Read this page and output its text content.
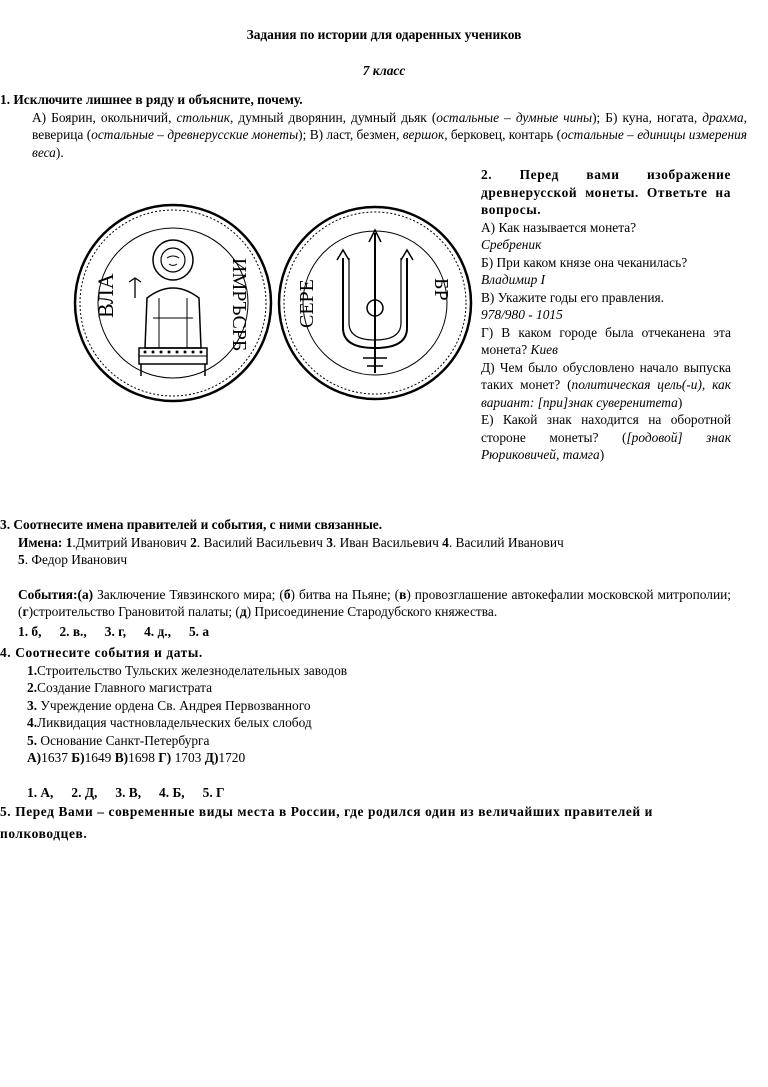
Задания по истории для одаренных учеников
7 класс
1. Исключите лишнее в ряду и объясните, почему.
А) Боярин, окольничий, стольник, думный дворянин, думный дьяк (остальные – думные чины); Б) куна, ногата, драхма, веверица (остальные – древнерусские монеты); В) ласт, безмен, вершок, берковец, контарь (остальные – единицы измерения веса).
2. Перед вами изображение древнерусской монеты. Ответьте на вопросы.
А) Как называется монета?
Сребреник
Б) При каком князе она чеканилась?
Владимир I
В) Укажите годы его правления.
978/980 - 1015
Г) В каком городе была отчеканена эта монета? Киев
Д) Чем было обусловлено начало выпуска таких монет? (политическая цель(-и), как вариант: [при]знак суверенитета)
Е) Какой знак находится на оборотной стороне монеты? ([родовой] знак Рюриковичей, тамга)
ВЛА	ИМРЪСРБ СЕРЕ	БР
3. Соотнесите имена правителей и события, с ними связанные.
Имена: 1.Дмитрий Иванович 2. Василий Васильевич 3. Иван Васильевич 4. Василий Иванович
5. Федор Иванович
События:(а) Заключение Тявзинского мира; (б) битва на Пьяне; (в) провозглашение автокефалии московской митрополии; (г)строительство Грановитой палаты; (д) Присоединение Стародубского княжества.
1. б, 2. в., 3. г, 4. д., 5. а
4. Соотнесите события и даты.
1.Строительство Тульских железноделательных заводов
2.Создание Главного магистрата
3. Учреждение ордена Св. Андрея Первозванного
4.Ликвидация частновладельческих белых слобод
5. Основание Санкт-Петербурга
А)1637 Б)1649 В)1698 Г) 1703 Д)1720
1. А, 2. Д, 3. В, 4. Б, 5. Г
5. Перед Вами – современные виды места в России, где родился один из величайших правителей и полководцев.
